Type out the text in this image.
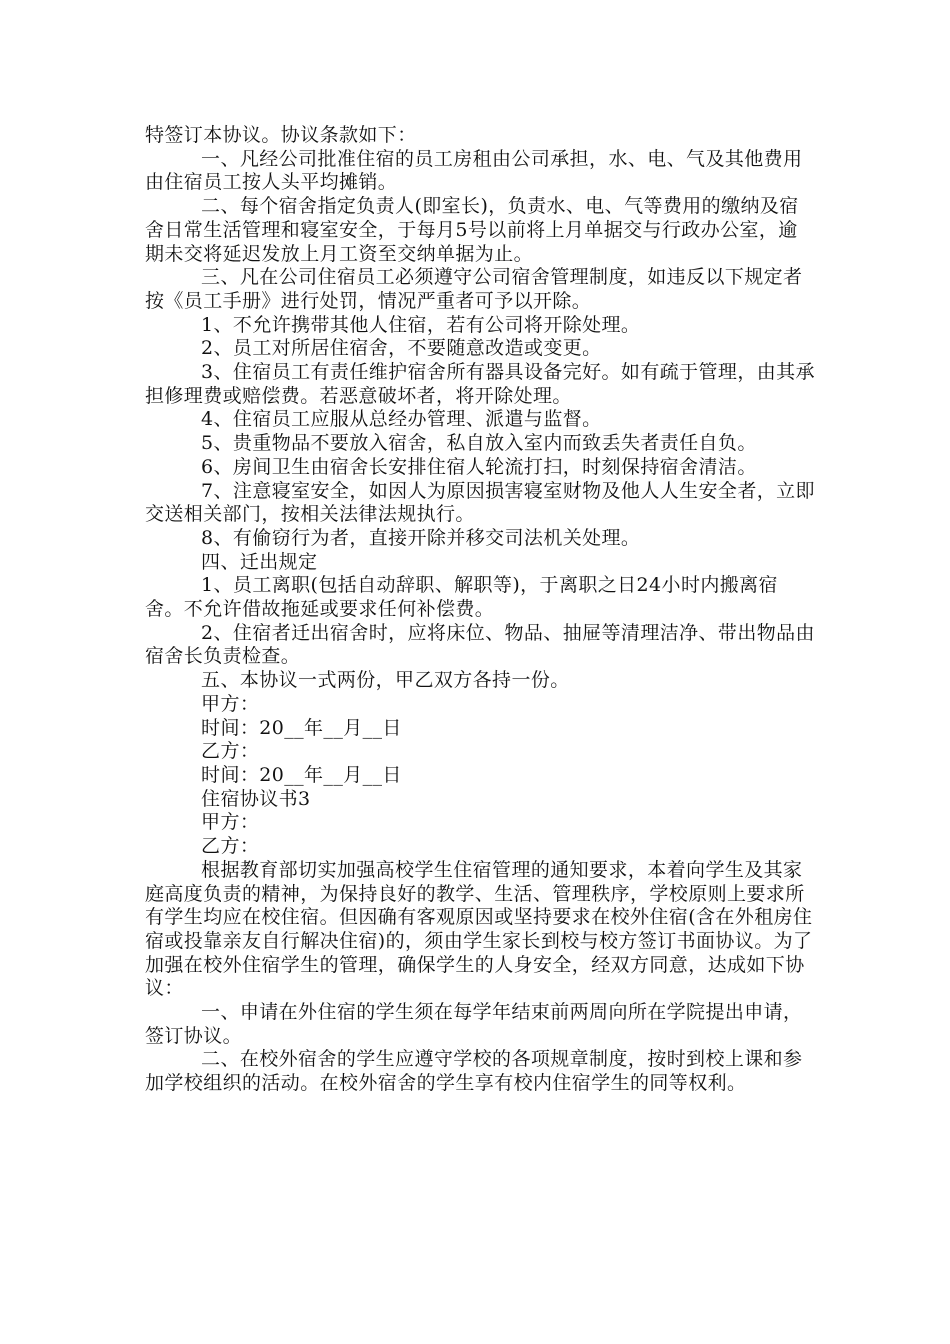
特签订本协议。协议条款如下：

一、凡经公司批准住宿的员工房租由公司承担，水、电、气及其他费用由住宿员工按人头平均摊销。

二、每个宿舍指定负责人(即室长)，负责水、电、气等费用的缴纳及宿舍日常生活管理和寝室安全，于每月5号以前将上月单据交与行政办公室，逾期未交将延迟发放上月工资至交纳单据为止。

三、凡在公司住宿员工必须遵守公司宿舍管理制度，如违反以下规定者按《员工手册》进行处罚，情况严重者可予以开除。

1、不允许携带其他人住宿，若有公司将开除处理。

2、员工对所居住宿舍，不要随意改造或变更。

3、住宿员工有责任维护宿舍所有器具设备完好。如有疏于管理，由其承担修理费或赔偿费。若恶意破坏者，将开除处理。

4、住宿员工应服从总经办管理、派遣与监督。

5、贵重物品不要放入宿舍，私自放入室内而致丢失者责任自负。

6、房间卫生由宿舍长安排住宿人轮流打扫，时刻保持宿舍清洁。

7、注意寝室安全，如因人为原因损害寝室财物及他人人生安全者，立即交送相关部门，按相关法律法规执行。

8、有偷窃行为者，直接开除并移交司法机关处理。

四、迁出规定

1、员工离职(包括自动辞职、解职等)，于离职之日24小时内搬离宿舍。不允许借故拖延或要求任何补偿费。

2、住宿者迁出宿舍时，应将床位、物品、抽屉等清理洁净、带出物品由宿舍长负责检查。

五、本协议一式两份，甲乙双方各持一份。

甲方：

时间：20__年__月__日

乙方：

时间：20__年__月__日

住宿协议书3

甲方：

乙方：

根据教育部切实加强高校学生住宿管理的通知要求，本着向学生及其家庭高度负责的精神，为保持良好的教学、生活、管理秩序，学校原则上要求所有学生均应在校住宿。但因确有客观原因或坚持要求在校外住宿(含在外租房住宿或投靠亲友自行解决住宿)的，须由学生家长到校与校方签订书面协议。为了加强在校外住宿学生的管理，确保学生的人身安全，经双方同意，达成如下协议：

一、申请在外住宿的学生须在每学年结束前两周向所在学院提出申请，签订协议。

二、在校外宿舍的学生应遵守学校的各项规章制度，按时到校上课和参加学校组织的活动。在校外宿舍的学生享有校内住宿学生的同等权利。
